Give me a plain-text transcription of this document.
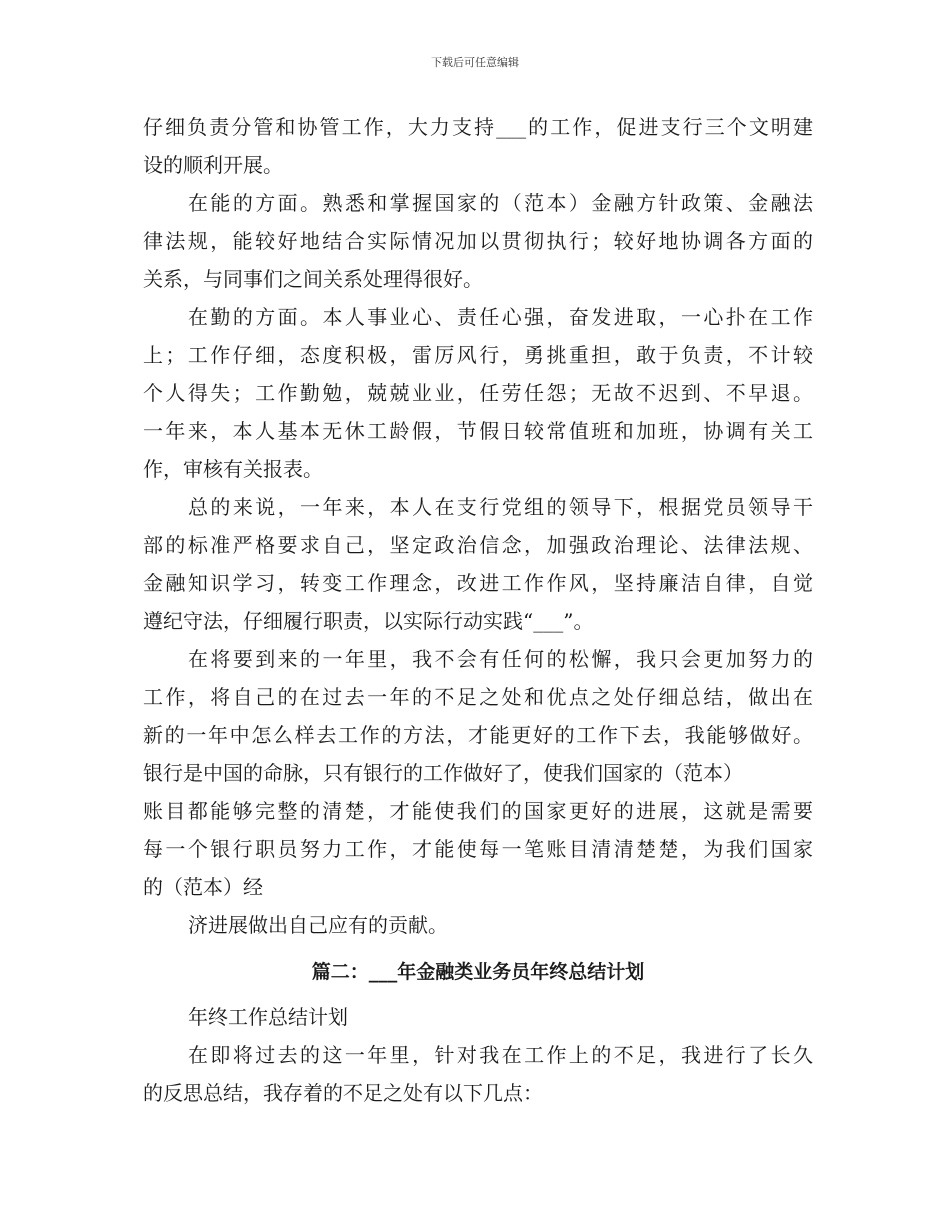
下载后可任意编辑
仔细负责分管和协管工作，大力支持___的工作，促进支行三个文明建
设的顺利开展。
在能的方面。熟悉和掌握国家的（范本）金融方针政策、金融法
律法规，能较好地结合实际情况加以贯彻执行；较好地协调各方面的
关系，与同事们之间关系处理得很好。
在勤的方面。本人事业心、责任心强，奋发进取，一心扑在工作
上；工作仔细，态度积极，雷厉风行，勇挑重担，敢于负责，不计较
个人得失；工作勤勉，兢兢业业，任劳任怨；无故不迟到、不早退。
一年来，本人基本无休工龄假，节假日较常值班和加班，协调有关工
作，审核有关报表。
总的来说，一年来，本人在支行党组的领导下，根据党员领导干
部的标准严格要求自己，坚定政治信念，加强政治理论、法律法规、
金融知识学习，转变工作理念，改进工作作风，坚持廉洁自律，自觉
遵纪守法，仔细履行职责，以实际行动实践“___”。
在将要到来的一年里，我不会有任何的松懈，我只会更加努力的
工作，将自己的在过去一年的不足之处和优点之处仔细总结，做出在
新的一年中怎么样去工作的方法，才能更好的工作下去，我能够做好。
银行是中国的命脉，只有银行的工作做好了，使我们国家的（范本）
账目都能够完整的清楚，才能使我们的国家更好的进展，这就是需要
每一个银行职员努力工作，才能使每一笔账目清清楚楚，为我们国家
的（范本）经
济进展做出自己应有的贡献。
篇二：___年金融类业务员年终总结计划
年终工作总结计划
在即将过去的这一年里，针对我在工作上的不足，我进行了长久
的反思总结，我存着的不足之处有以下几点：
